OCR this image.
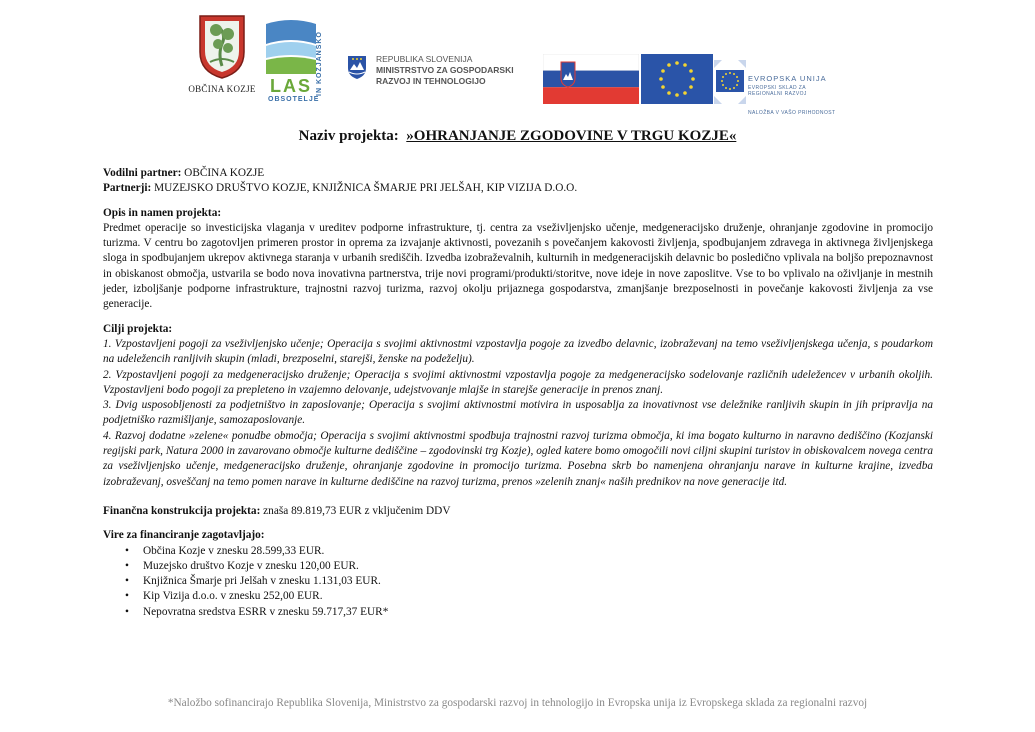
OBČINA KOZJE LAS
OBSOTELJE
IN KOZJANSKO	REPUBLIKA SLOVENIJA
MINISTRSTVO ZA GOSPODARSKI
RAZVOJ IN TEHNOLOGIJO	EVROPSKA UNIJA
EVROPSKI SKLAD ZA
REGIONALNI RAZVOJ
NALOŽBA V VAŠO PRIHODNOST
Naziv projekta: »OHRANJANJE ZGODOVINE V TRGU KOZJE«

Vodilni partner: OBČINA KOZJE

Partnerji: MUZEJSKO DRUŠTVO KOZJE, KNJIŽNICA ŠMARJE PRI JELŠAH, KIP VIZIJA D.O.O.

Opis in namen projekta:

Predmet operacije so investicijska vlaganja v ureditev podporne infrastrukture, tj. centra za vseživljenjsko učenje, medgeneracijsko druženje, ohranjanje zgodovine in promocijo turizma. V centru bo zagotovljen primeren prostor in oprema za izvajanje aktivnosti, povezanih s povečanjem kakovosti življenja, spodbujanjem zdravega in aktivnega življenjskega sloga in spodbujanjem ukrepov aktivnega staranja v urbanih središčih. Izvedba izobraževalnih, kulturnih in medgeneracijskih delavnic bo posledično vplivala na boljšo prepoznavnost in obiskanost območja, ustvarila se bodo nova inovativna partnerstva, trije novi programi/produkti/storitve, nove ideje in nove zaposlitve. Vse to bo vplivalo na oživljanje in mestnih jeder, izboljšanje podporne infrastrukture, trajnostni razvoj turizma, razvoj okolju prijaznega gospodarstva, zmanjšanje brezposelnosti in povečanje kakovosti življenja za vse generacije.

Cilji projekta:

1. Vzpostavljeni pogoji za vseživljenjsko učenje; Operacija s svojimi aktivnostmi vzpostavlja pogoje za izvedbo delavnic, izobraževanj na temo vseživljenjskega učenja, s poudarkom na udeležencih ranljivih skupin (mladi, brezposelni, starejši, ženske na podeželju).

2. Vzpostavljeni pogoji za medgeneracijsko druženje; Operacija s svojimi aktivnostmi vzpostavlja pogoje za medgeneracijsko sodelovanje različnih udeležencev v urbanih okoljih. Vzpostavljeni bodo pogoji za prepleteno in vzajemno delovanje, udejstvovanje mlajše in starejše generacije in prenos znanj.

3. Dvig usposobljenosti za podjetništvo in zaposlovanje; Operacija s svojimi aktivnostmi motivira in usposablja za inovativnost vse deležnike ranljivih skupin in jih pripravlja na podjetniško razmišljanje, samozaposlovanje.

4. Razvoj dodatne »zelene« ponudbe območja; Operacija s svojimi aktivnostmi spodbuja trajnostni razvoj turizma območja, ki ima bogato kulturno in naravno dediščino (Kozjanski regijski park, Natura 2000 in zavarovano območje kulturne dediščine – zgodovinski trg Kozje), ogled katere bomo omogočili novi ciljni skupini turistov in obiskovalcem novega centra za vseživljenjsko učenje, medgeneracijsko druženje, ohranjanje zgodovine in promocijo turizma. Posebna skrb bo namenjena ohranjanju narave in kulturne krajine, izvedba izobraževanj, osveščanj na temo pomen narave in kulturne dediščine na razvoj turizma, prenos »zelenih znanj« naših prednikov na nove generacije itd.

Finančna konstrukcija projekta: znaša 89.819,73 EUR z vključenim DDV

Vire za financiranje zagotavljajo:

• Občina Kozje v znesku 28.599,33 EUR.
• Muzejsko društvo Kozje v znesku 120,00 EUR.
• Knjižnica Šmarje pri Jelšah v znesku 1.131,03 EUR.
• Kip Vizija d.o.o. v znesku 252,00 EUR.
• Nepovratna sredstva ESRR v znesku 59.717,37 EUR*
*Naložbo sofinancirajo Republika Slovenija, Ministrstvo za gospodarski razvoj in tehnologijo in Evropska unija iz Evropskega sklada za regionalni razvoj
